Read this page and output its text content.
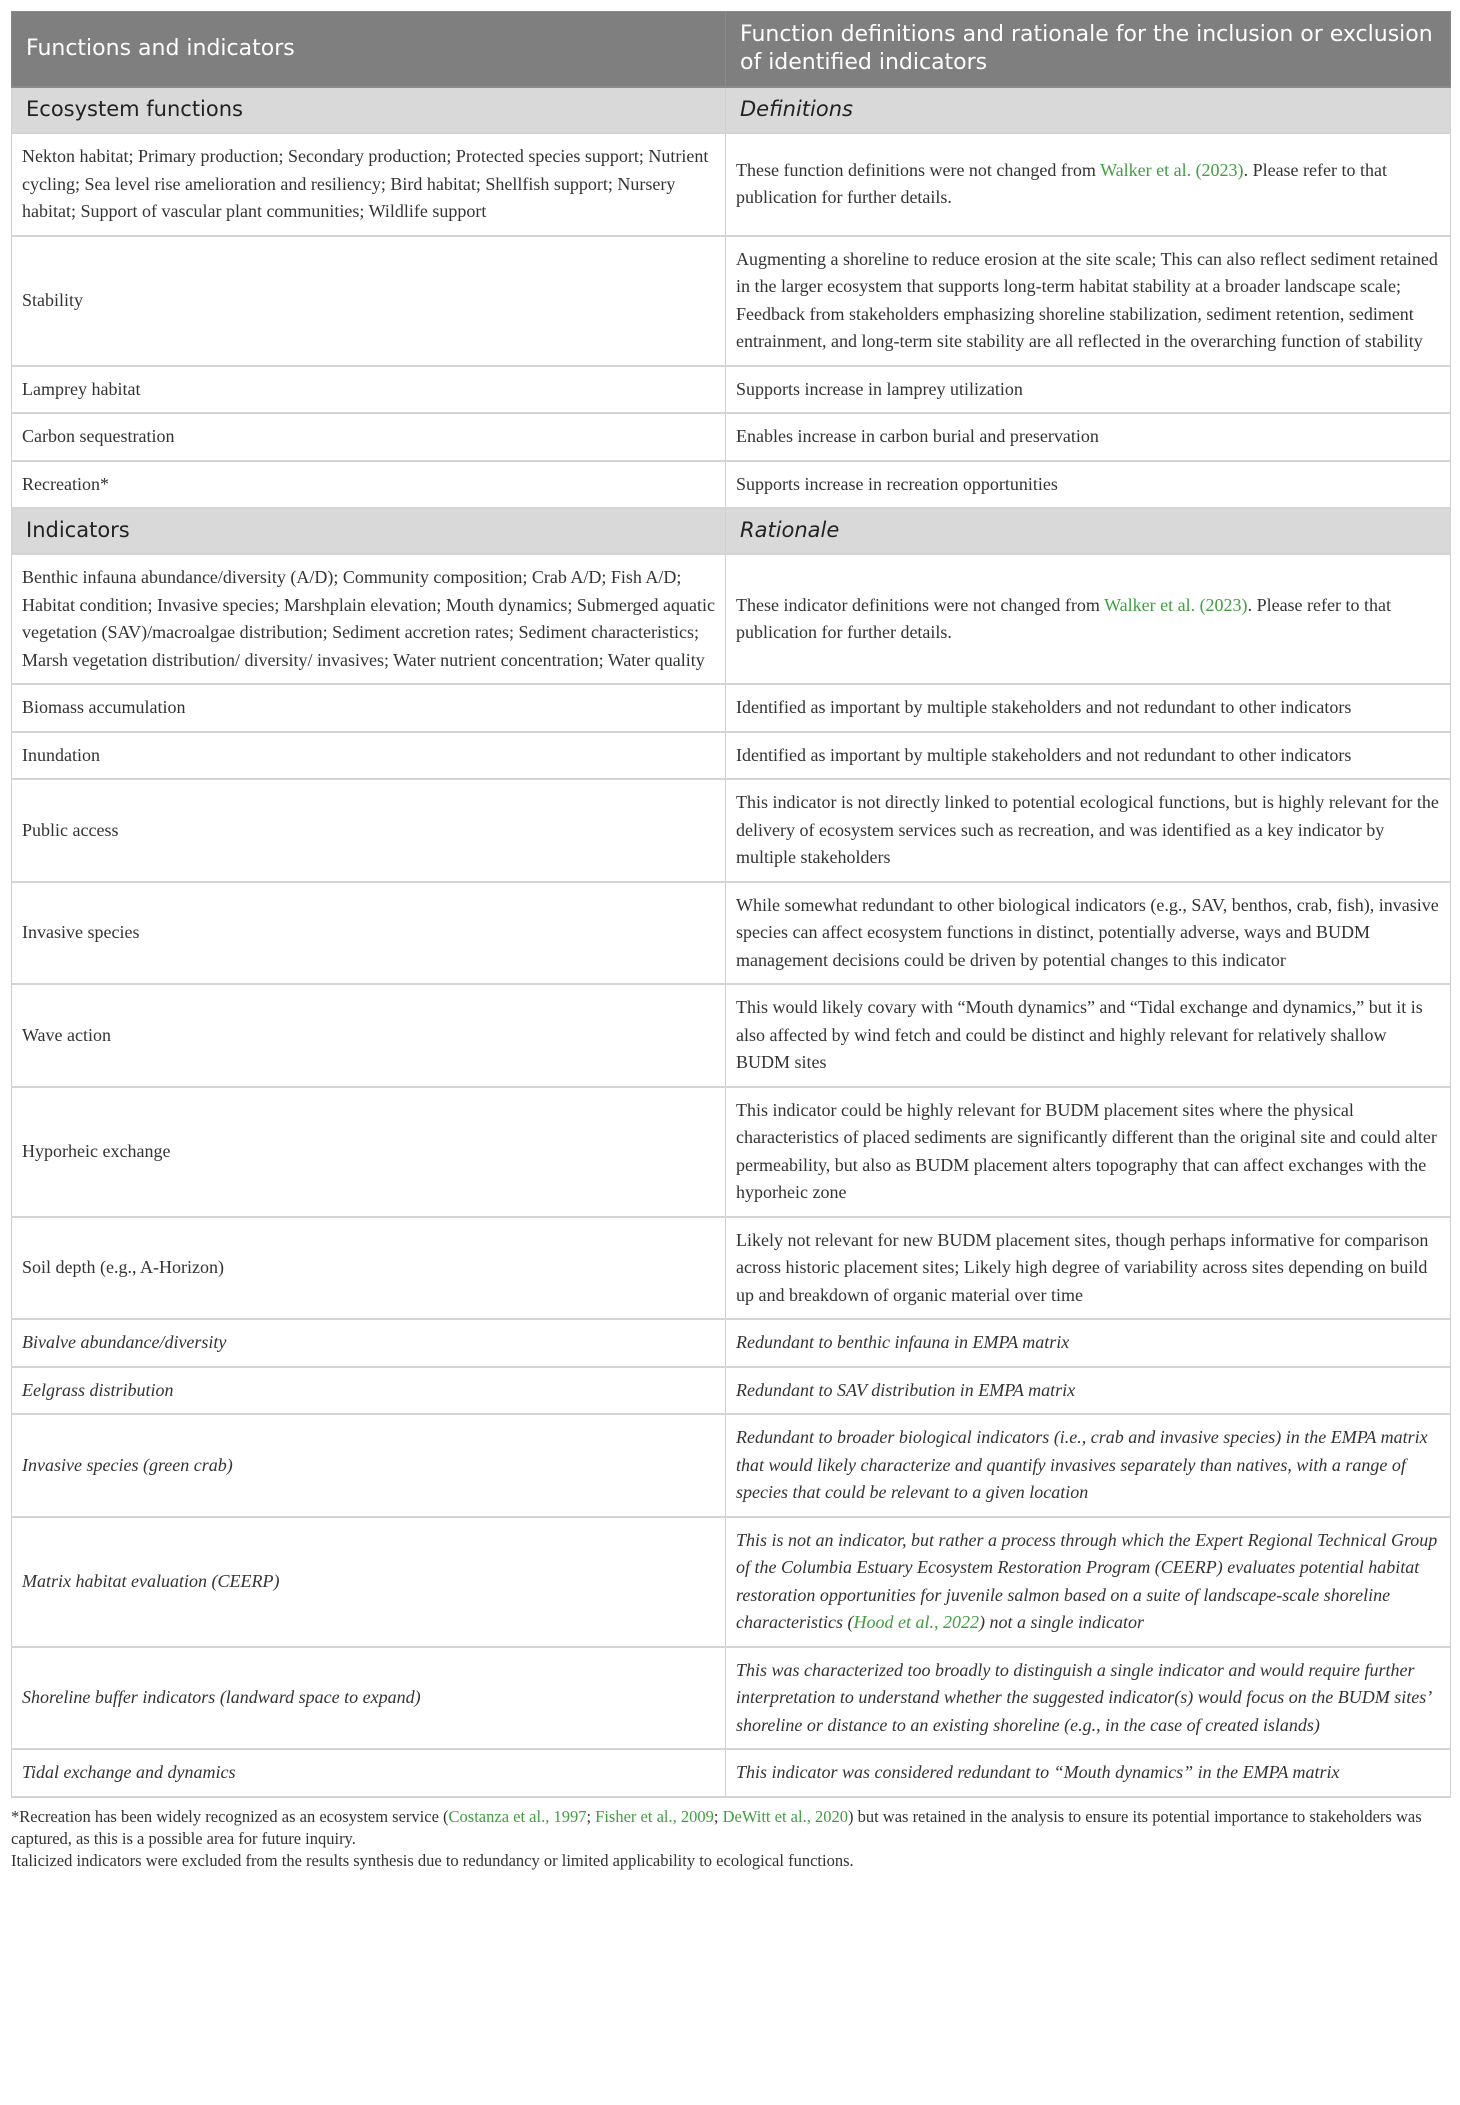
Functions and indicators	Function definitions and rationale for the inclusion or exclusion of identified indicators
Ecosystem functions	Definitions
Nekton habitat; Primary production; Secondary production; Protected species support; Nutrient cycling; Sea level rise amelioration and resiliency; Bird habitat; Shellfish support; Nursery habitat; Support of vascular plant communities; Wildlife support	These function definitions were not changed from Walker et al. (2023). Please refer to that publication for further details.
Stability	Augmenting a shoreline to reduce erosion at the site scale; This can also reflect sediment retained in the larger ecosystem that supports long-term habitat stability at a broader landscape scale; Feedback from stakeholders emphasizing shoreline stabilization, sediment retention, sediment entrainment, and long-term site stability are all reflected in the overarching function of stability
Lamprey habitat	Supports increase in lamprey utilization
Carbon sequestration	Enables increase in carbon burial and preservation
Recreation*	Supports increase in recreation opportunities
Indicators	Rationale
Benthic infauna abundance/diversity (A/D); Community composition; Crab A/D; Fish A/D; Habitat condition; Invasive species; Marshplain elevation; Mouth dynamics; Submerged aquatic vegetation (SAV)/macroalgae distribution; Sediment accretion rates; Sediment characteristics; Marsh vegetation distribution/ diversity/ invasives; Water nutrient concentration; Water quality	These indicator definitions were not changed from Walker et al. (2023). Please refer to that publication for further details.
Biomass accumulation	Identified as important by multiple stakeholders and not redundant to other indicators
Inundation	Identified as important by multiple stakeholders and not redundant to other indicators
Public access	This indicator is not directly linked to potential ecological functions, but is highly relevant for the delivery of ecosystem services such as recreation, and was identified as a key indicator by multiple stakeholders
Invasive species	While somewhat redundant to other biological indicators (e.g., SAV, benthos, crab, fish), invasive species can affect ecosystem functions in distinct, potentially adverse, ways and BUDM management decisions could be driven by potential changes to this indicator
Wave action	This would likely covary with “Mouth dynamics” and “Tidal exchange and dynamics,” but it is also affected by wind fetch and could be distinct and highly relevant for relatively shallow BUDM sites
Hyporheic exchange	This indicator could be highly relevant for BUDM placement sites where the physical characteristics of placed sediments are significantly different than the original site and could alter permeability, but also as BUDM placement alters topography that can affect exchanges with the hyporheic zone
Soil depth (e.g., A-Horizon)	Likely not relevant for new BUDM placement sites, though perhaps informative for comparison across historic placement sites; Likely high degree of variability across sites depending on build up and breakdown of organic material over time
Bivalve abundance/diversity	Redundant to benthic infauna in EMPA matrix
Eelgrass distribution	Redundant to SAV distribution in EMPA matrix
Invasive species (green crab)	Redundant to broader biological indicators (i.e., crab and invasive species) in the EMPA matrix that would likely characterize and quantify invasives separately than natives, with a range of species that could be relevant to a given location
Matrix habitat evaluation (CEERP)	This is not an indicator, but rather a process through which the Expert Regional Technical Group of the Columbia Estuary Ecosystem Restoration Program (CEERP) evaluates potential habitat restoration opportunities for juvenile salmon based on a suite of landscape-scale shoreline characteristics (Hood et al., 2022) not a single indicator
Shoreline buffer indicators (landward space to expand)	This was characterized too broadly to distinguish a single indicator and would require further interpretation to understand whether the suggested indicator(s) would focus on the BUDM sites’ shoreline or distance to an existing shoreline (e.g., in the case of created islands)
Tidal exchange and dynamics	This indicator was considered redundant to “Mouth dynamics” in the EMPA matrix
*Recreation has been widely recognized as an ecosystem service (Costanza et al., 1997; Fisher et al., 2009; DeWitt et al., 2020) but was retained in the analysis to ensure its potential importance to stakeholders was captured, as this is a possible area for future inquiry.
Italicized indicators were excluded from the results synthesis due to redundancy or limited applicability to ecological functions.
